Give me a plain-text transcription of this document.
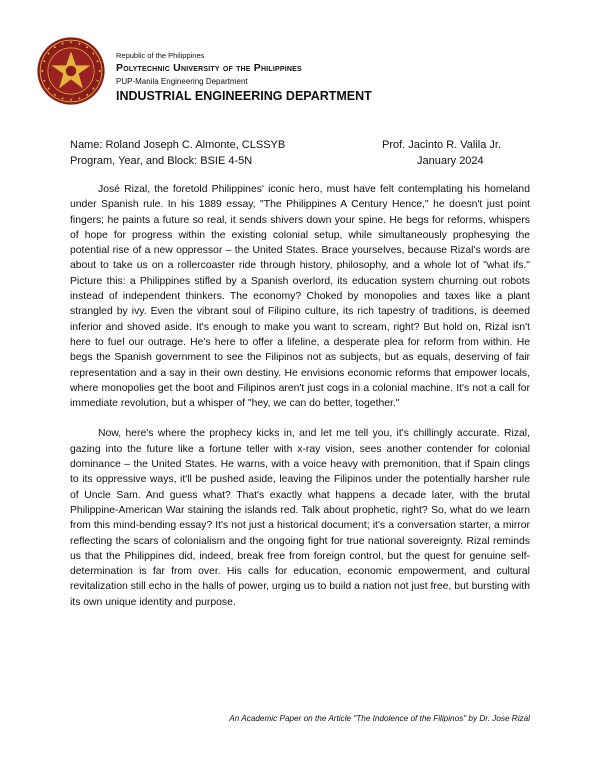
Republic of the Philippines
Polytechnic University of the Philippines
PUP-Manila Engineering Department
INDUSTRIAL ENGINEERING DEPARTMENT
Name: Roland Joseph C. Almonte, CLSSYB	Prof. Jacinto R. Valila Jr.
Program, Year, and Block: BSIE 4-5N	January 2024

José Rizal, the foretold Philippines' iconic hero, must have felt contemplating his homeland under Spanish rule. In his 1889 essay, "The Philippines A Century Hence," he doesn't just point fingers; he paints a future so real, it sends shivers down your spine. He begs for reforms, whispers of hope for progress within the existing colonial setup, while simultaneously prophesying the potential rise of a new oppressor – the United States. Brace yourselves, because Rizal's words are about to take us on a rollercoaster ride through history, philosophy, and a whole lot of "what ifs." Picture this: a Philippines stifled by a Spanish overlord, its education system churning out robots instead of independent thinkers. The economy? Choked by monopolies and taxes like a plant strangled by ivy. Even the vibrant soul of Filipino culture, its rich tapestry of traditions, is deemed inferior and shoved aside. It's enough to make you want to scream, right? But hold on, Rizal isn't here to fuel our outrage. He's here to offer a lifeline, a desperate plea for reform from within. He begs the Spanish government to see the Filipinos not as subjects, but as equals, deserving of fair representation and a say in their own destiny. He envisions economic reforms that empower locals, where monopolies get the boot and Filipinos aren't just cogs in a colonial machine. It's not a call for immediate revolution, but a whisper of "hey, we can do better, together."

Now, here's where the prophecy kicks in, and let me tell you, it's chillingly accurate. Rizal, gazing into the future like a fortune teller with x-ray vision, sees another contender for colonial dominance – the United States. He warns, with a voice heavy with premonition, that if Spain clings to its oppressive ways, it'll be pushed aside, leaving the Filipinos under the potentially harsher rule of Uncle Sam. And guess what? That's exactly what happens a decade later, with the brutal Philippine-American War staining the islands red. Talk about prophetic, right? So, what do we learn from this mind-bending essay? It's not just a historical document; it's a conversation starter, a mirror reflecting the scars of colonialism and the ongoing fight for true national sovereignty. Rizal reminds us that the Philippines did, indeed, break free from foreign control, but the quest for genuine self-determination is far from over. His calls for education, economic empowerment, and cultural revitalization still echo in the halls of power, urging us to build a nation not just free, but bursting with its own unique identity and purpose.

An Academic Paper on the Article "The Indolence of the Filipinos" by Dr. Jose Rizal
